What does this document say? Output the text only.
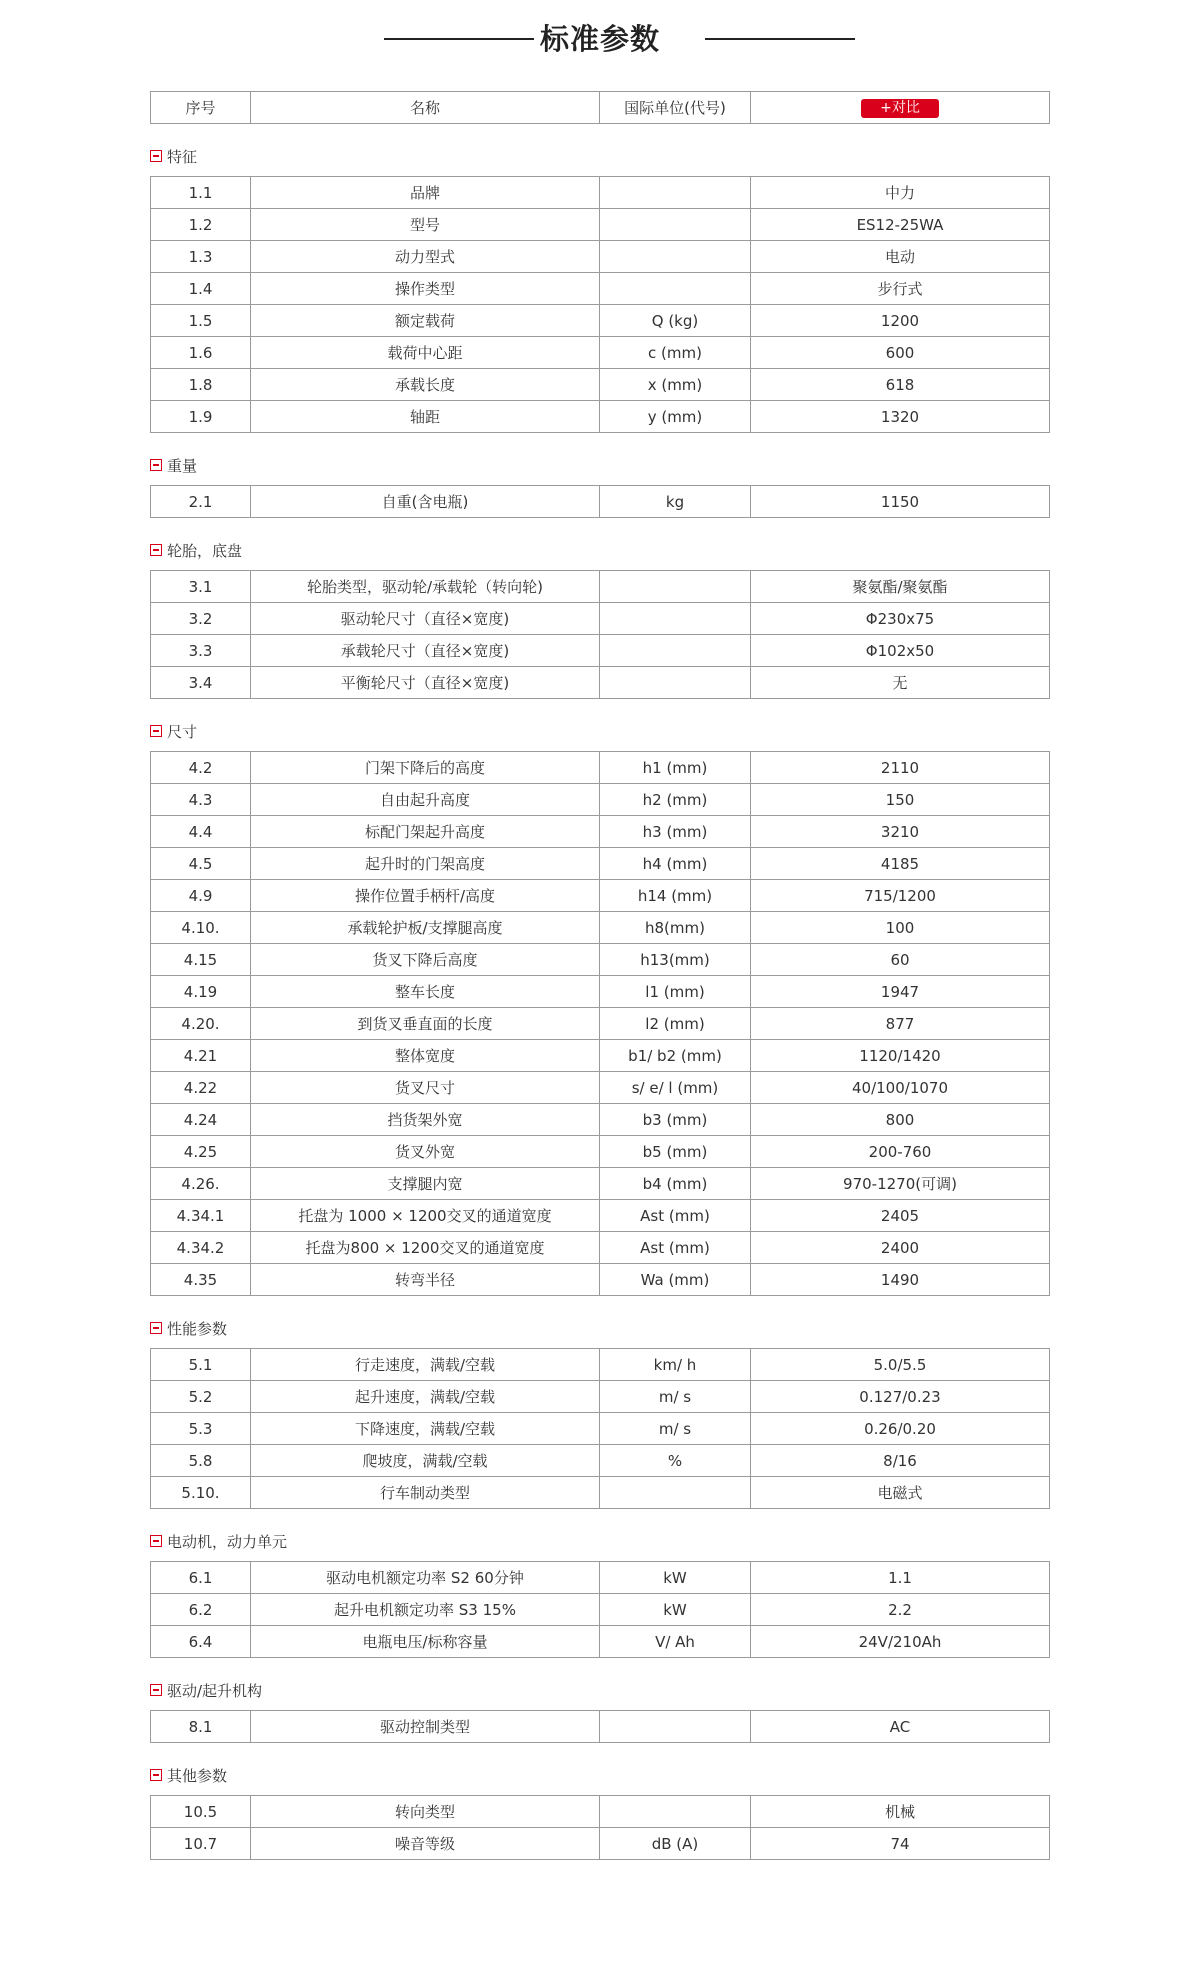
标准参数
序号	名称	国际单位(代号)	+对比
特征
1.1	品牌		中力
1.2	型号		ES12-25WA
1.3	动力型式		电动
1.4	操作类型		步行式
1.5	额定载荷	Q (kg)	1200
1.6	载荷中心距	c (mm)	600
1.8	承载长度	x (mm)	618
1.9	轴距	y (mm)	1320
重量
2.1	自重(含电瓶)	kg	1150
轮胎，底盘
3.1	轮胎类型，驱动轮/承载轮（转向轮)		聚氨酯/聚氨酯
3.2	驱动轮尺寸（直径×宽度)		Φ230x75
3.3	承载轮尺寸（直径×宽度)		Φ102x50
3.4	平衡轮尺寸（直径×宽度)		无
尺寸
4.2	门架下降后的高度	h1 (mm)	2110
4.3	自由起升高度	h2 (mm)	150
4.4	标配门架起升高度	h3 (mm)	3210
4.5	起升时的门架高度	h4 (mm)	4185
4.9	操作位置手柄杆/高度	h14 (mm)	715/1200
4.10.	承载轮护板/支撑腿高度	h8(mm)	100
4.15	货叉下降后高度	h13(mm)	60
4.19	整车长度	l1 (mm)	1947
4.20.	到货叉垂直面的长度	l2 (mm)	877
4.21	整体宽度	b1/ b2 (mm)	1120/1420
4.22	货叉尺寸	s/ e/ l (mm)	40/100/1070
4.24	挡货架外宽	b3 (mm)	800
4.25	货叉外宽	b5 (mm)	200-760
4.26.	支撑腿内宽	b4 (mm)	970-1270(可调)
4.34.1	托盘为 1000 × 1200交叉的通道宽度	Ast (mm)	2405
4.34.2	托盘为800 × 1200交叉的通道宽度	Ast (mm)	2400
4.35	转弯半径	Wa (mm)	1490
性能参数
5.1	行走速度，满载/空载	km/ h	5.0/5.5
5.2	起升速度，满载/空载	m/ s	0.127/0.23
5.3	下降速度，满载/空载	m/ s	0.26/0.20
5.8	爬坡度，满载/空载	%	8/16
5.10.	行车制动类型		电磁式
电动机，动力单元
6.1	驱动电机额定功率 S2 60分钟	kW	1.1
6.2	起升电机额定功率 S3 15%	kW	2.2
6.4	电瓶电压/标称容量	V/ Ah	24V/210Ah
驱动/起升机构
8.1	驱动控制类型		AC
其他参数
10.5	转向类型		机械
10.7	噪音等级	dB (A)	74
